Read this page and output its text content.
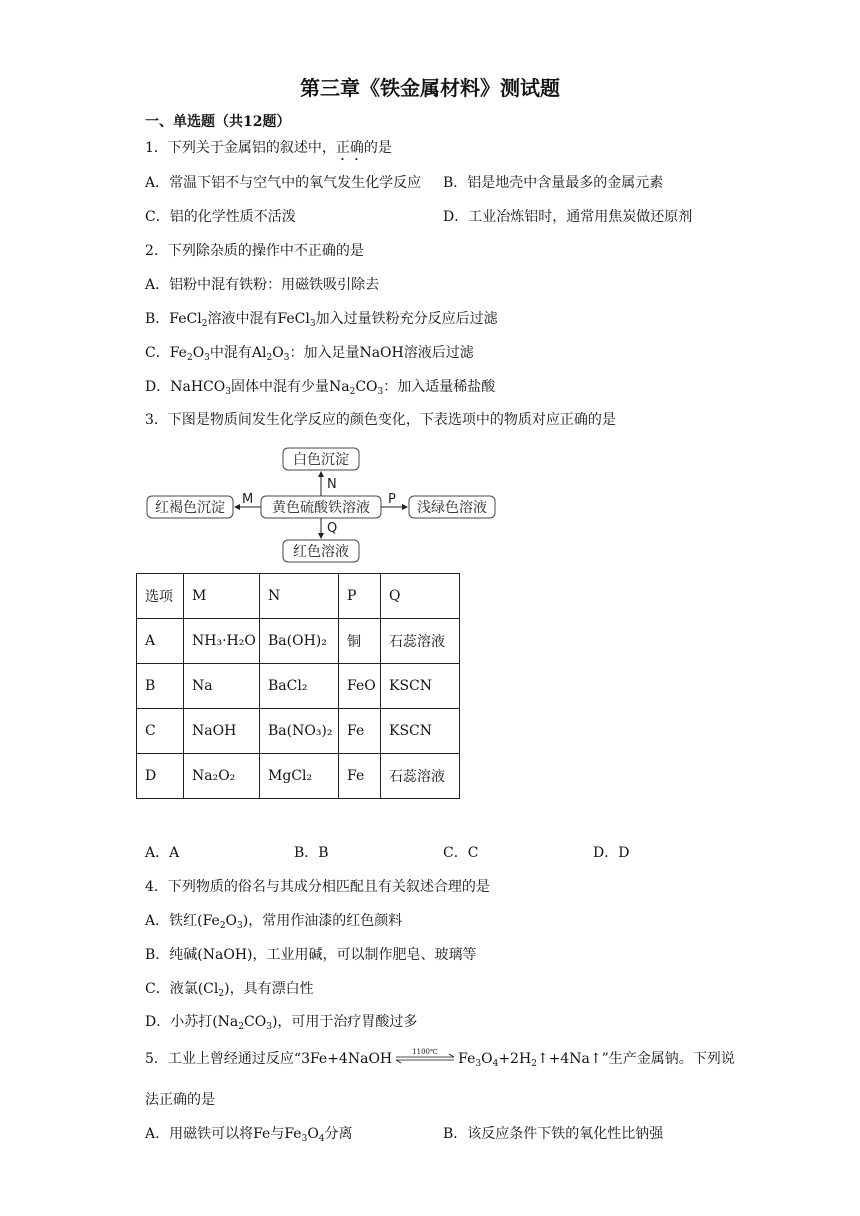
第三章《铁金属材料》测试题
一、单选题（共12题）
1．下列关于金属铝的叙述中，正确的是
A．常温下铝不与空气中的氧气发生化学反应 B．铝是地壳中含量最多的金属元素
C．铝的化学性质不活泼	D．工业冶炼铝时，通常用焦炭做还原剂
2．下列除杂质的操作中不正确的是
A．铝粉中混有铁粉：用磁铁吸引除去
B．FeCl$_2$溶液中混有FeCl$_3$加入过量铁粉充分反应后过滤
C．$Fe_2O_3$中混有$Al_2O_3$：加入足量NaOH溶液后过滤
D．NaHCO$_3$固体中混有少量$Na_2CO_3$：加入适量稀盐酸
3．下图是物质间发生化学反应的颜色变化，下表选项中的物质对应正确的是
白色沉淀
黄色硫酸铁溶液
红褐色沉淀	浅绿色溶液
红色溶液
N
M	P
Q
选项	M	N	P	Q
A	NH₃·H₂O	Ba(OH)₂	铜	石蕊溶液
B	Na	BaCl₂	FeO	KSCN
C	NaOH	Ba(NO₃)₂	Fe	KSCN
D	Na₂O₂	MgCl₂	Fe	石蕊溶液
A．A	B．B	C．C	D．D
4．下列物质的俗名与其成分相匹配且有关叙述合理的是
A．铁红$(Fe_2O_3)$，常用作油漆的红色颜料
B．纯碱(NaOH)，工业用碱，可以制作肥皂、玻璃等
C．液氯$(Cl_2)$，具有漂白性
D．小苏打$(Na_2CO_3)$，可用于治疗胃酸过多
5．工业上曾经通过反应“3Fe+4NaOH	1100℃ $Fe_3O_4+2H_2↑+4Na↑$”生产金属钠。下列说
法正确的是
A．用磁铁可以将Fe与$Fe_3O_4$分离	B．该反应条件下铁的氧化性比钠强
